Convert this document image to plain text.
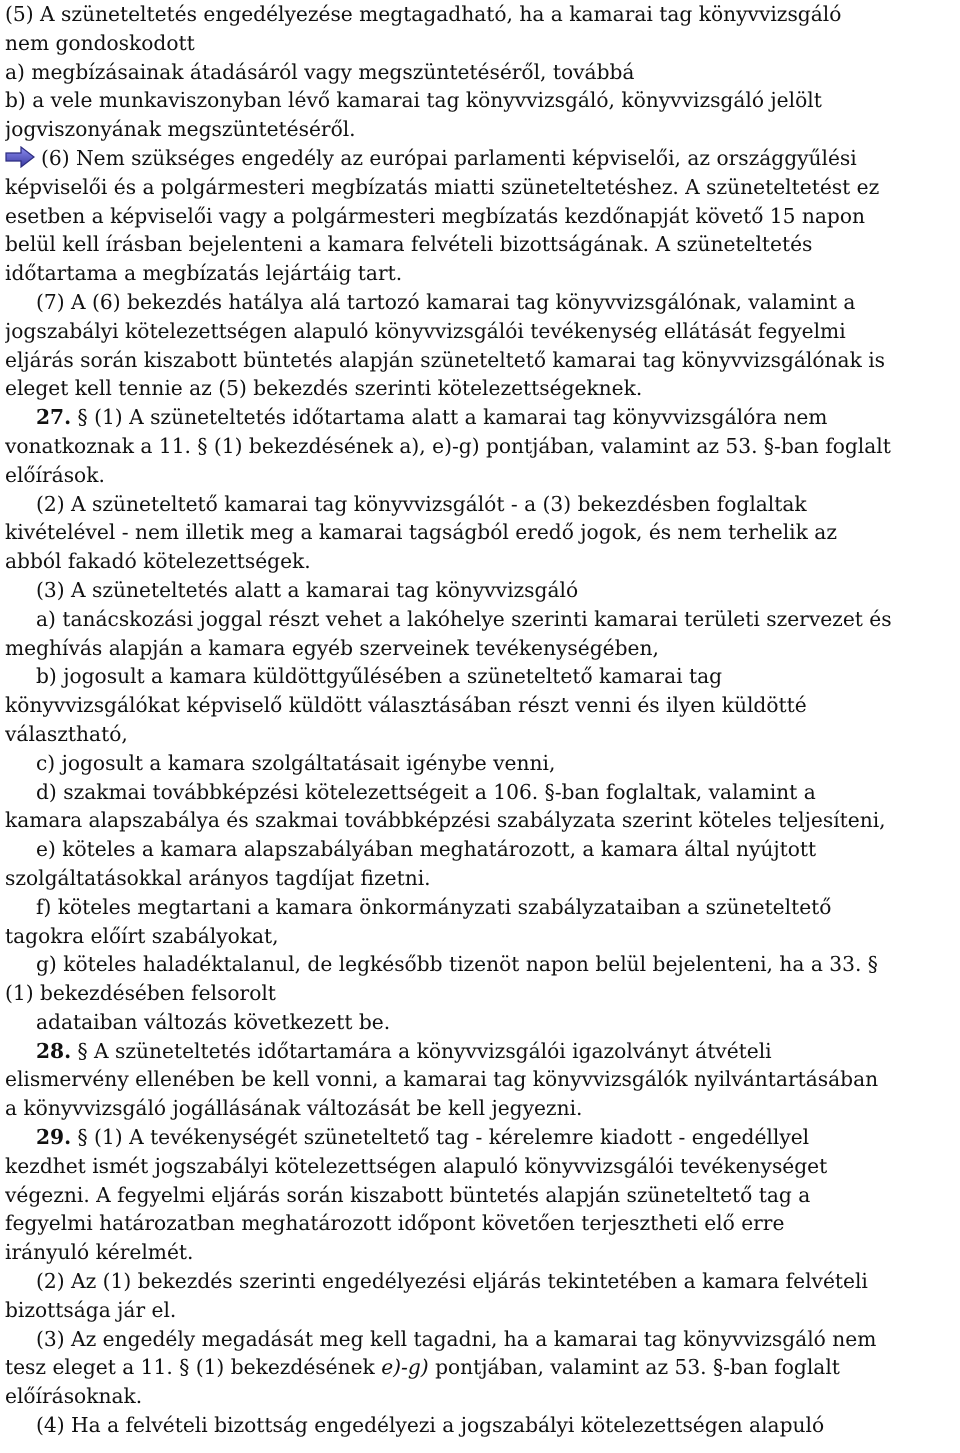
(5) A szüneteltetés engedélyezése megtagadható, ha a kamarai tag könyvvizsgáló
nem gondoskodott
a) megbízásainak átadásáról vagy megszüntetéséről, továbbá
b) a vele munkaviszonyban lévő kamarai tag könyvvizsgáló, könyvvizsgáló jelölt
jogviszonyának megszüntetéséről.
(6) Nem szükséges engedély az európai parlamenti képviselői, az országgyűlési
képviselői és a polgármesteri megbízatás miatti szüneteltetéshez. A szüneteltetést ez
esetben a képviselői vagy a polgármesteri megbízatás kezdőnapját követő 15 napon
belül kell írásban bejelenteni a kamara felvételi bizottságának. A szüneteltetés
időtartama a megbízatás lejártáig tart.
(7) A (6) bekezdés hatálya alá tartozó kamarai tag könyvvizsgálónak, valamint a
jogszabályi kötelezettségen alapuló könyvvizsgálói tevékenység ellátását fegyelmi
eljárás során kiszabott büntetés alapján szüneteltető kamarai tag könyvvizsgálónak is
eleget kell tennie az (5) bekezdés szerinti kötelezettségeknek.
27. § (1) A szüneteltetés időtartama alatt a kamarai tag könyvvizsgálóra nem
vonatkoznak a 11. § (1) bekezdésének a), e)-g) pontjában, valamint az 53. §-ban foglalt
előírások.
(2) A szüneteltető kamarai tag könyvvizsgálót - a (3) bekezdésben foglaltak
kivételével - nem illetik meg a kamarai tagságból eredő jogok, és nem terhelik az
abból fakadó kötelezettségek.
(3) A szüneteltetés alatt a kamarai tag könyvvizsgáló
a) tanácskozási joggal részt vehet a lakóhelye szerinti kamarai területi szervezet és
meghívás alapján a kamara egyéb szerveinek tevékenységében,
b) jogosult a kamara küldöttgyűlésében a szüneteltető kamarai tag
könyvvizsgálókat képviselő küldött választásában részt venni és ilyen küldötté
választható,
c) jogosult a kamara szolgáltatásait igénybe venni,
d) szakmai továbbképzési kötelezettségeit a 106. §-ban foglaltak, valamint a
kamara alapszabálya és szakmai továbbképzési szabályzata szerint köteles teljesíteni,
e) köteles a kamara alapszabályában meghatározott, a kamara által nyújtott
szolgáltatásokkal arányos tagdíjat fizetni.
f) köteles megtartani a kamara önkormányzati szabályzataiban a szüneteltető
tagokra előírt szabályokat,
g) köteles haladéktalanul, de legkésőbb tizenöt napon belül bejelenteni, ha a 33. §
(1) bekezdésében felsorolt
adataiban változás következett be.
28. § A szüneteltetés időtartamára a könyvvizsgálói igazolványt átvételi
elismervény ellenében be kell vonni, a kamarai tag könyvvizsgálók nyilvántartásában
a könyvvizsgáló jogállásának változását be kell jegyezni.
29. § (1) A tevékenységét szüneteltető tag - kérelemre kiadott - engedéllyel
kezdhet ismét jogszabályi kötelezettségen alapuló könyvvizsgálói tevékenységet
végezni. A fegyelmi eljárás során kiszabott büntetés alapján szüneteltető tag a
fegyelmi határozatban meghatározott időpont követően terjesztheti elő erre
irányuló kérelmét.
(2) Az (1) bekezdés szerinti engedélyezési eljárás tekintetében a kamara felvételi
bizottsága jár el.
(3) Az engedély megadását meg kell tagadni, ha a kamarai tag könyvvizsgáló nem
tesz eleget a 11. § (1) bekezdésének e)-g) pontjában, valamint az 53. §-ban foglalt
előírásoknak.
(4) Ha a felvételi bizottság engedélyezi a jogszabályi kötelezettségen alapuló
